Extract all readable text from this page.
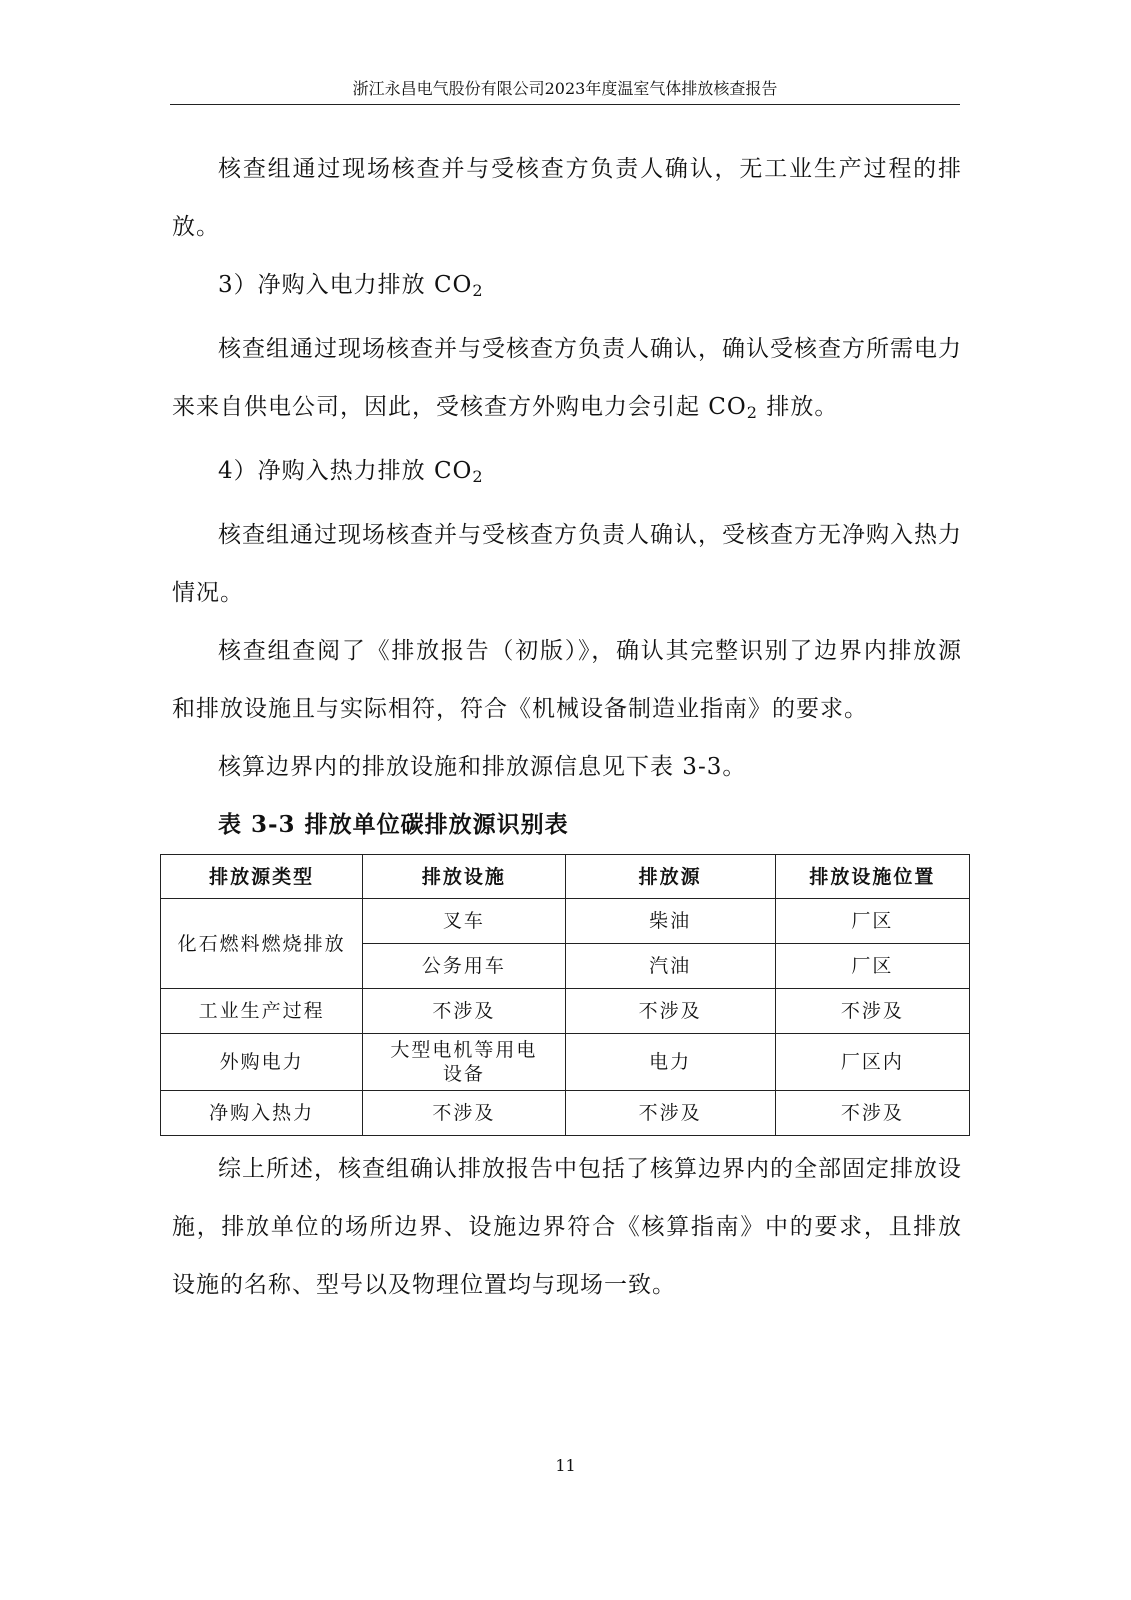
浙江永昌电气股份有限公司2023年度温室气体排放核查报告

核查组通过现场核查并与受核查方负责人确认，无工业生产过程的排放。

3）净购入电力排放 $CO_2$

核查组通过现场核查并与受核查方负责人确认，确认受核查方所需电力来来自供电公司，因此，受核查方外购电力会引起 $CO_2$ 排放。

4）净购入热力排放 $CO_2$

核查组通过现场核查并与受核查方负责人确认，受核查方无净购入热力情况。

核查组查阅了《排放报告（初版）》，确认其完整识别了边界内排放源和排放设施且与实际相符，符合《机械设备制造业指南》的要求。

核算边界内的排放设施和排放源信息见下表 3-3。

表 3-3 排放单位碳排放源识别表

排放源类型	排放设施	排放源	排放设施位置
化石燃料燃烧排放	叉车	柴油	厂区
	公务用车	汽油	厂区
工业生产过程	不涉及	不涉及	不涉及
外购电力	大型电机等用电设备	电力	厂区内
净购入热力	不涉及	不涉及	不涉及

综上所述，核查组确认排放报告中包括了核算边界内的全部固定排放设施，排放单位的场所边界、设施边界符合《核算指南》中的要求，且排放设施的名称、型号以及物理位置均与现场一致。

11
